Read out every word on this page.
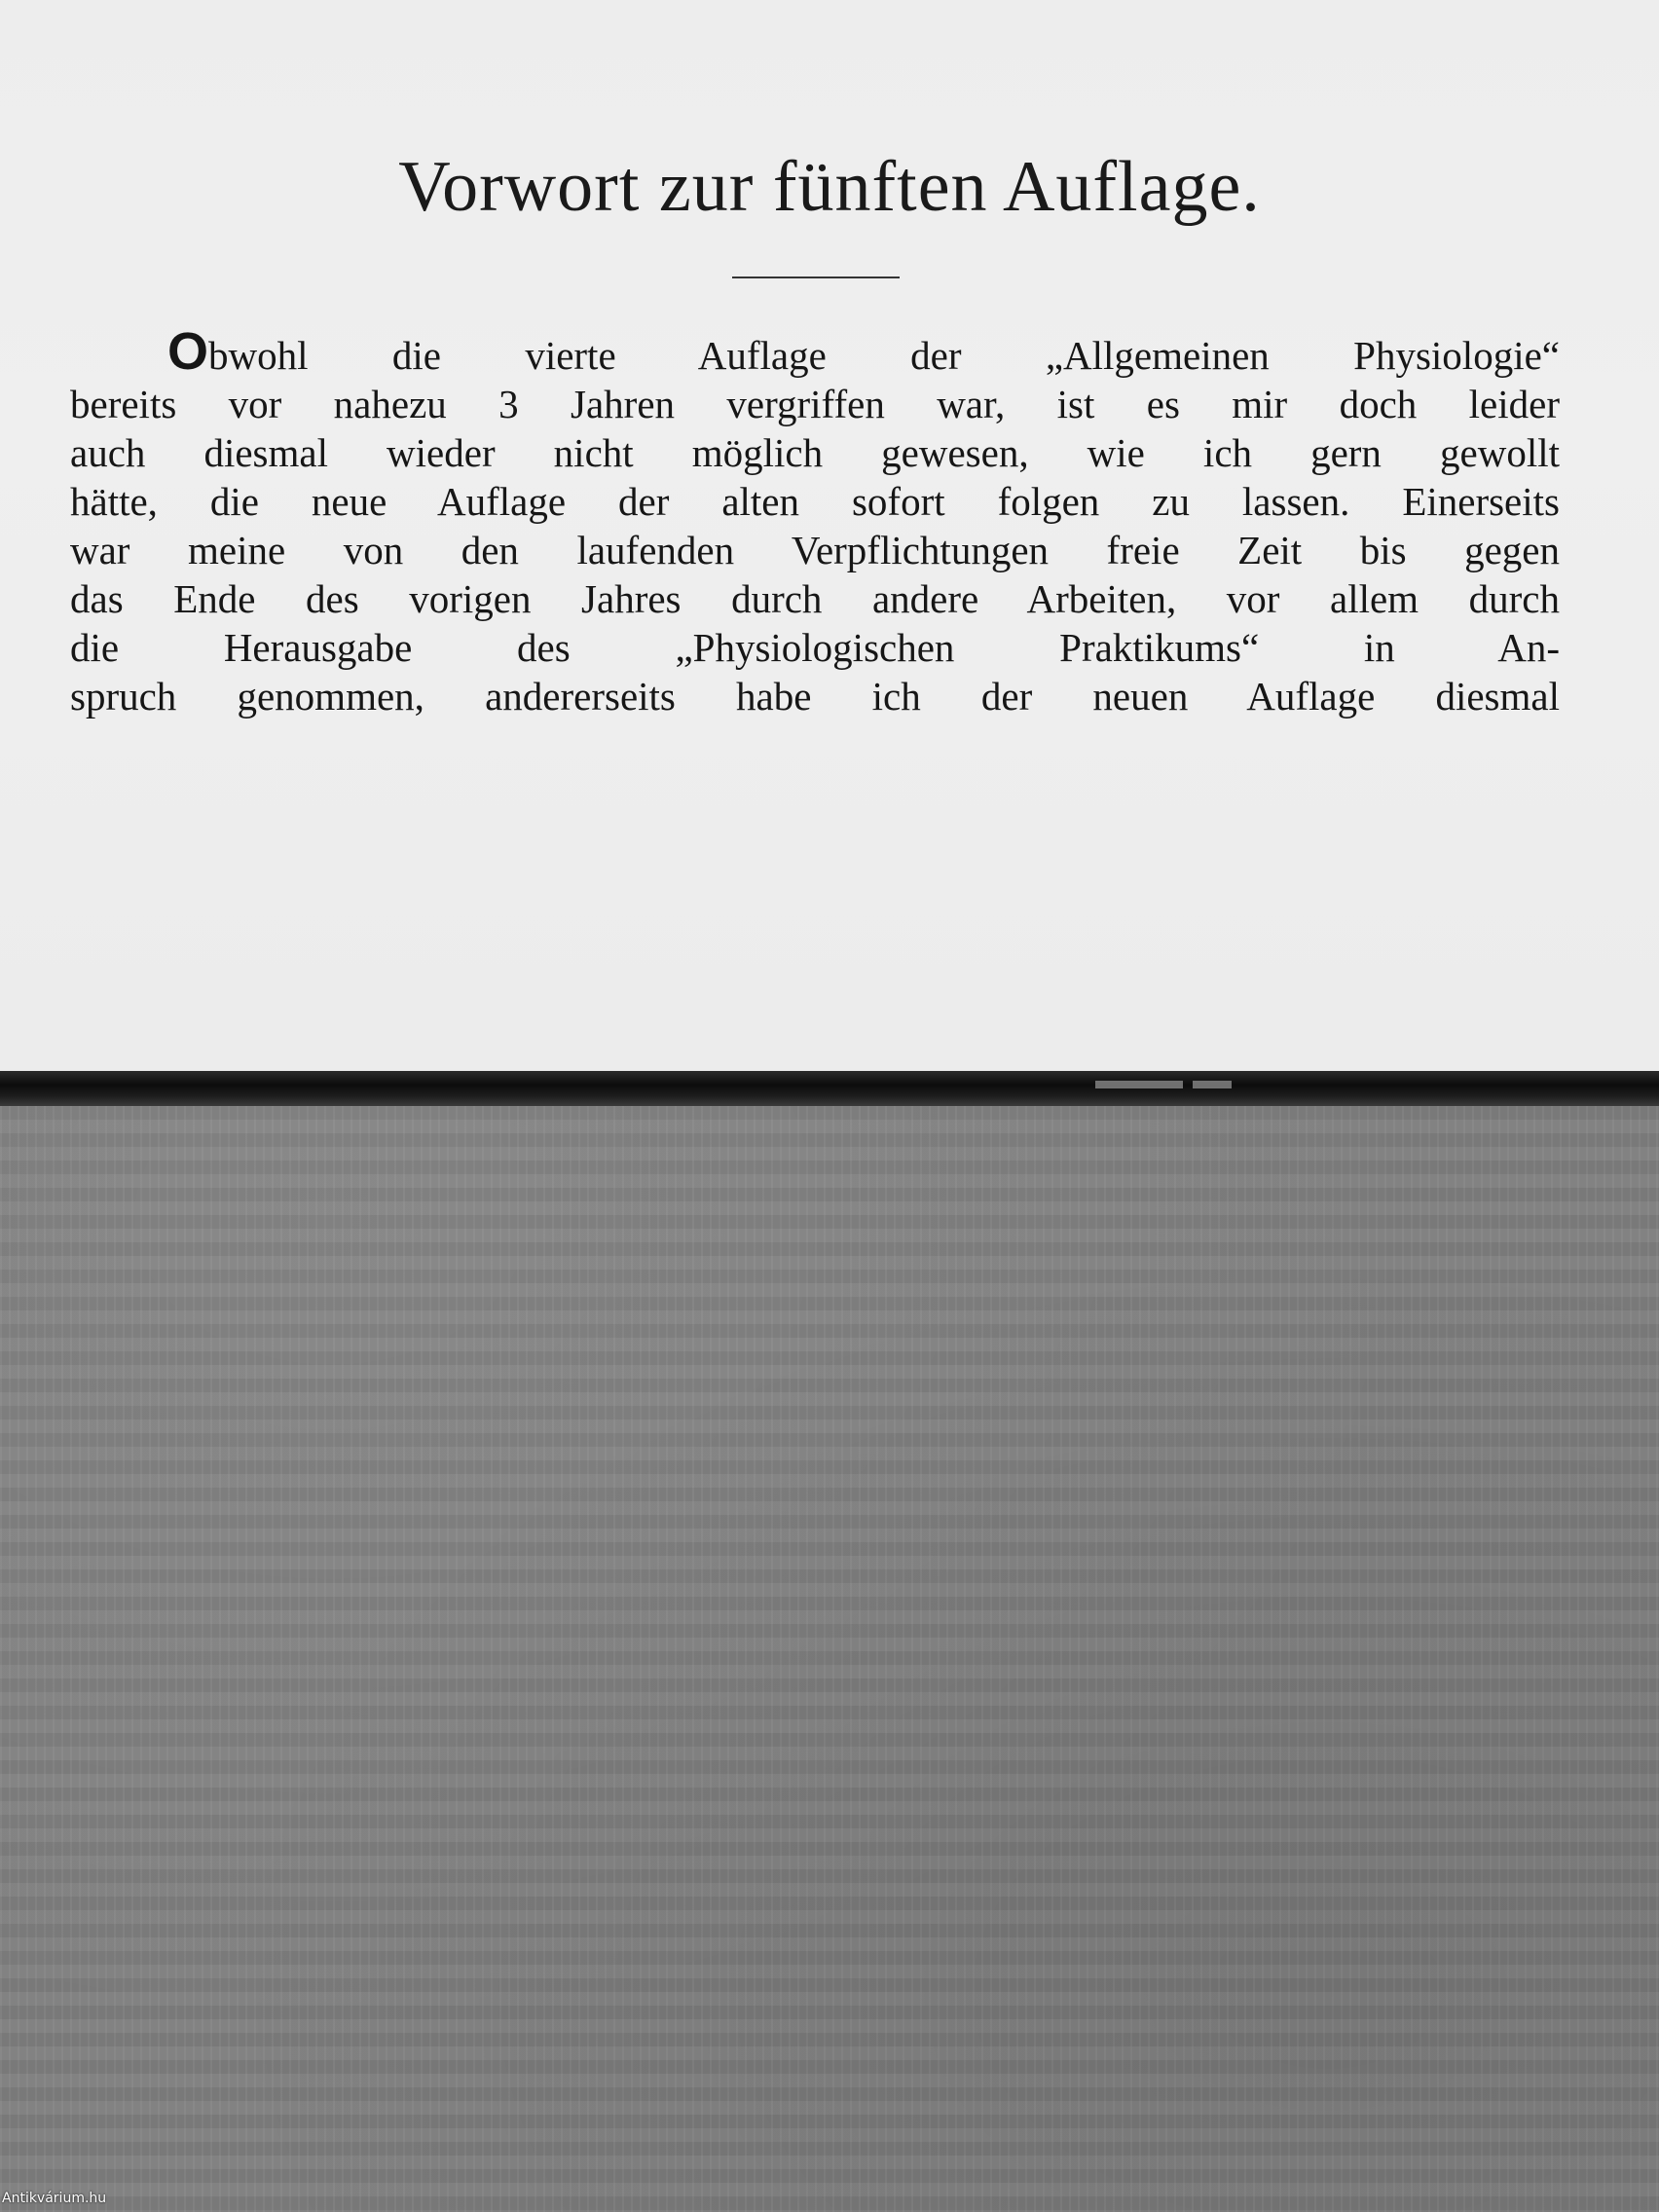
Vorwort zur fünften Auflage.
Obwohl die vierte Auflage der „Allgemeinen Physiologie“
bereits vor nahezu 3 Jahren vergriffen war, ist es mir doch leider
auch diesmal wieder nicht möglich gewesen, wie ich gern gewollt
hätte, die neue Auflage der alten sofort folgen zu lassen. Einerseits
war meine von den laufenden Verpflichtungen freie Zeit bis gegen
das Ende des vorigen Jahres durch andere Arbeiten, vor allem durch
die Herausgabe des „Physiologischen Praktikums“ in An-
spruch genommen, andererseits habe ich der neuen Auflage diesmal
Antikvárium.hu
